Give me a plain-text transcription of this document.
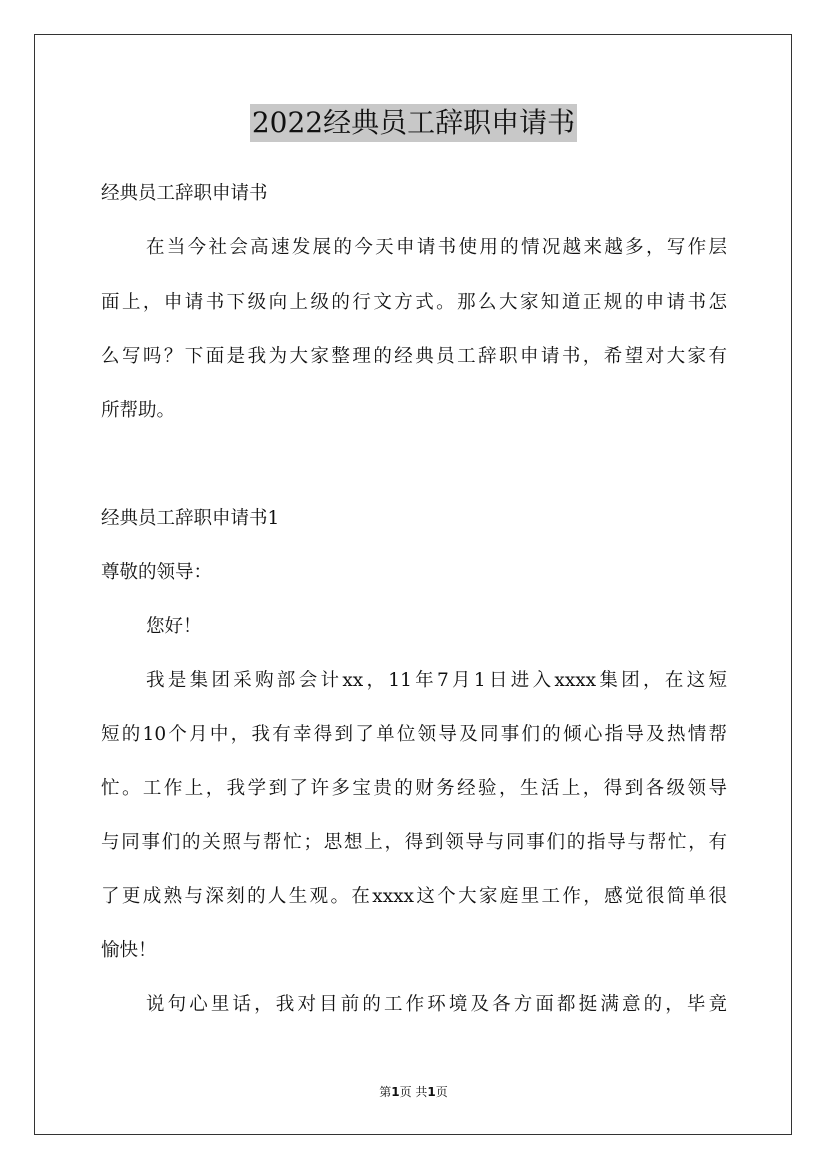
2022经典员工辞职申请书
经典员工辞职申请书
在当今社会高速发展的今天申请书使用的情况越来越多，写作层
面上，申请书下级向上级的行文方式。那么大家知道正规的申请书怎
么写吗？下面是我为大家整理的经典员工辞职申请书，希望对大家有
所帮助。
经典员工辞职申请书1
尊敬的领导：
您好！
我是集团采购部会计xx，11年7月1日进入xxxx集团，在这短
短的10个月中，我有幸得到了单位领导及同事们的倾心指导及热情帮
忙。工作上，我学到了许多宝贵的财务经验，生活上，得到各级领导
与同事们的关照与帮忙；思想上，得到领导与同事们的指导与帮忙，有
了更成熟与深刻的人生观。在xxxx这个大家庭里工作，感觉很简单很
愉快！
说句心里话，我对目前的工作环境及各方面都挺满意的，毕竟
第1页 共1页
